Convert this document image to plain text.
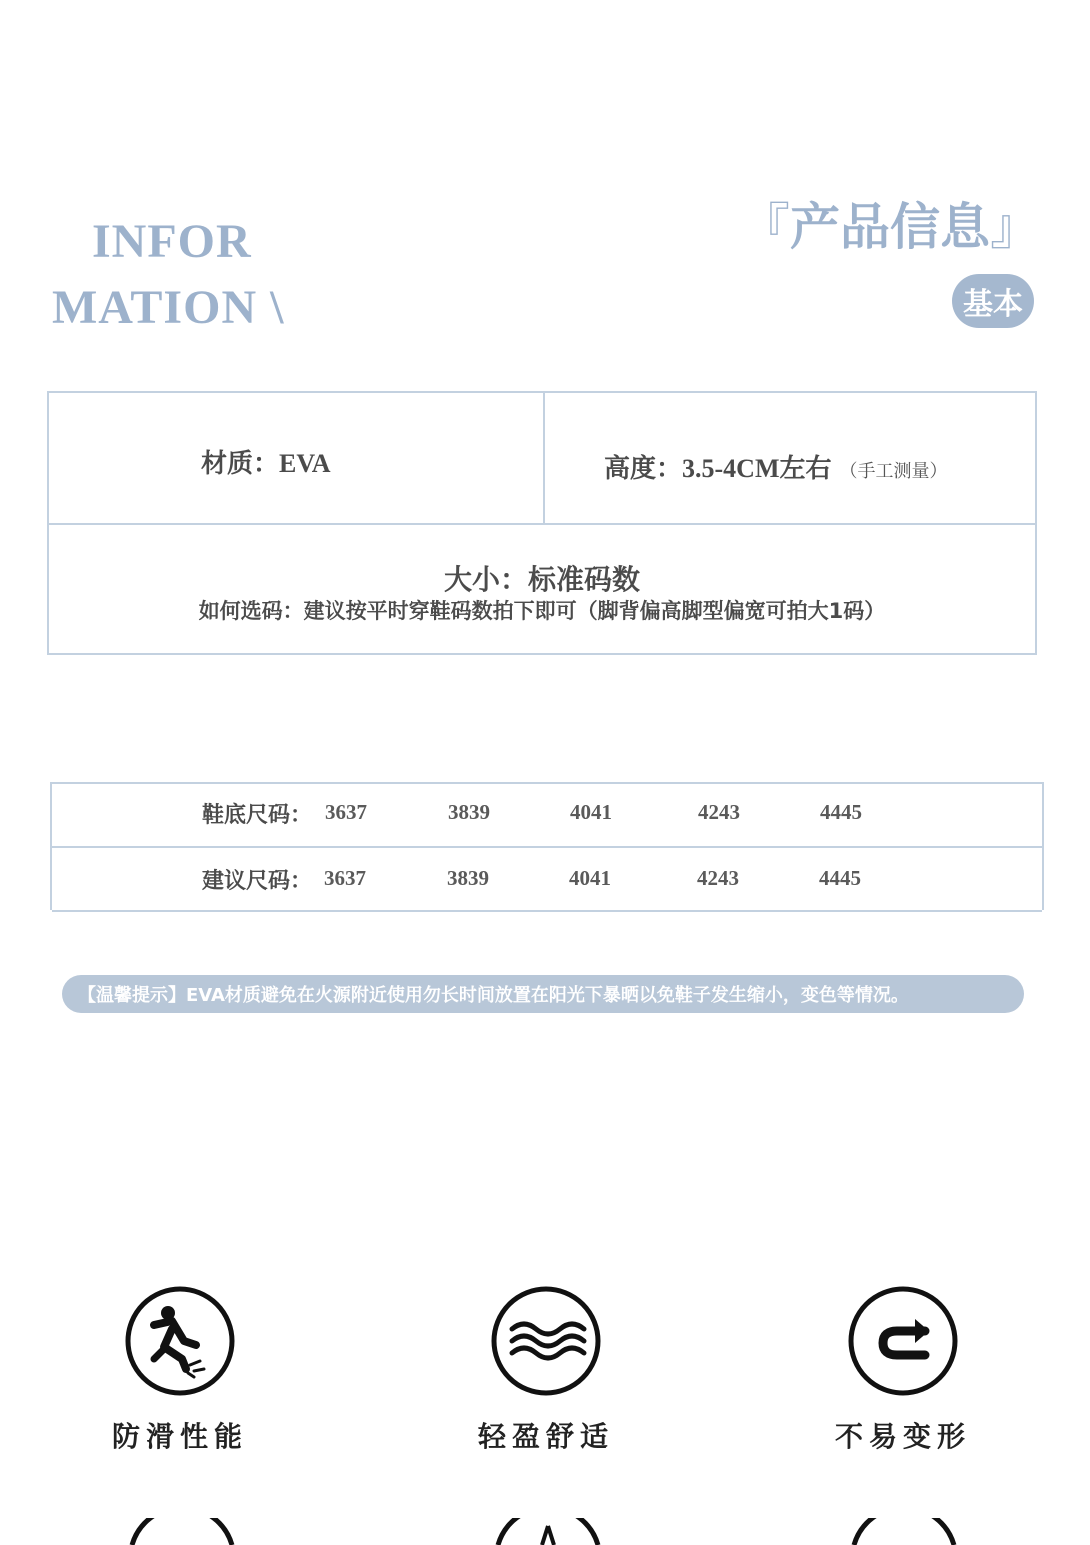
INFOR
MATION \
『产品信息』
基本
材质：EVA	高度：3.5-4CM左右 （手工测量）
大小：标准码数
如何选码：建议按平时穿鞋码数拍下即可（脚背偏高脚型偏宽可拍大1码）
鞋底尺码： 3637	3839	4041	4243	4445
建议尺码： 3637	3839	4041	4243	4445
【温馨提示】EVA材质避免在火源附近使用勿长时间放置在阳光下暴晒以免鞋子发生缩小，变色等情况。
防滑性能	轻盈舒适	不易变形
